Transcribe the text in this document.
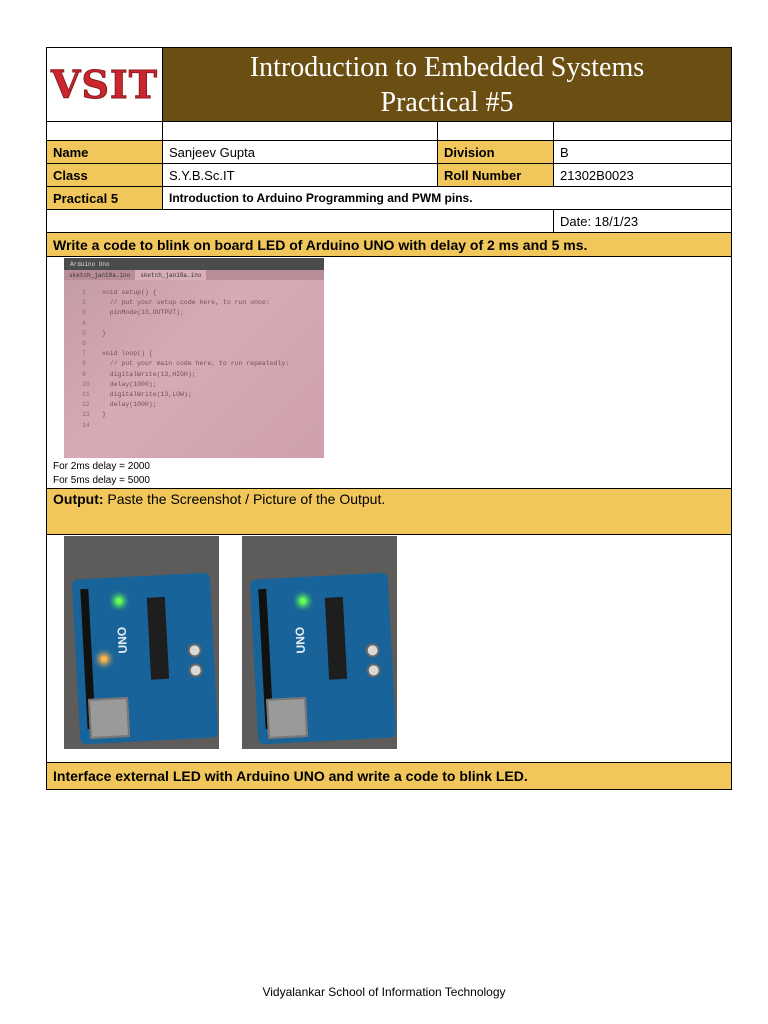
VSIT	Introduction to Embedded Systems
Practical #5
Name	Sanjeev Gupta	Division	B
Class	S.Y.B.Sc.IT	Roll Number	21302B0023
Practical 5	Introduction to Arduino Programming and PWM pins.
Date: 18/1/23
Write a code to blink on board LED of Arduino UNO with delay of 2 ms and 5 ms.
Arduino Uno
sketch_jan18a.ino	sketch_jan18a.ino
1 void setup() {
2  // put your setup code here, to run once:
3  pinMode(13,OUTPUT);
4
5 }
6
7 void loop() {
8  // put your main code here, to run repeatedly:
9  digitalWrite(13,HIGH);
10  delay(1000);
11  digitalWrite(13,LOW);
12  delay(1000);
13 }
14
For 2ms delay = 2000
For 5ms delay = 5000
Output: Paste the Screenshot / Picture of the Output.
UNO	UNO
Interface external LED with Arduino UNO and write a code to blink LED.
Vidyalankar School of Information Technology
